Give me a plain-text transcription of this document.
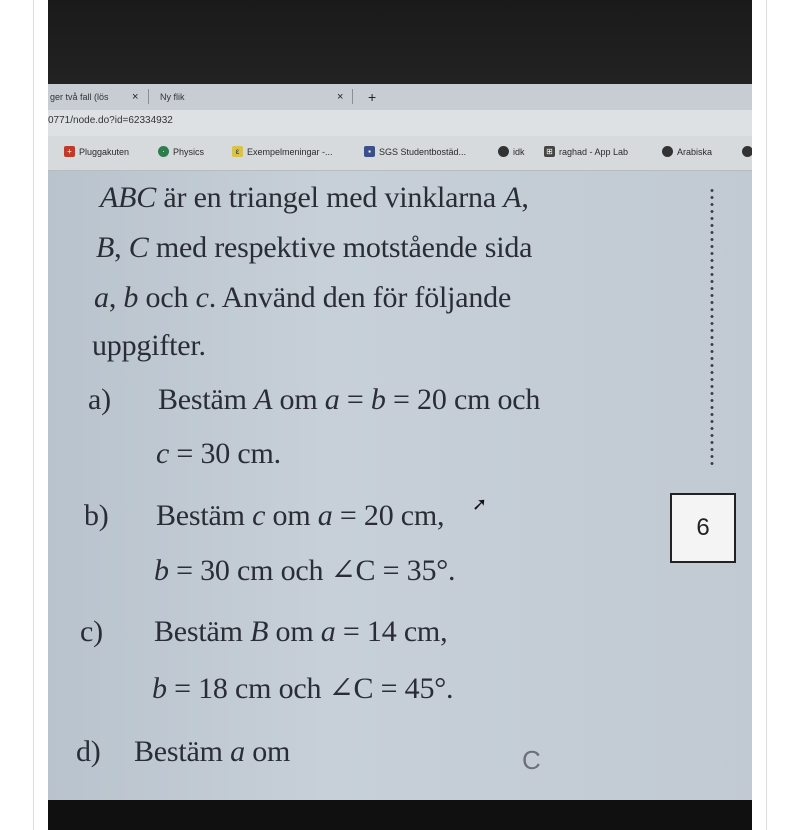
ger två fall (lös	× Ny flik	× +
0771/node.do?id=62334932
+ Pluggakuten	· Physics	ε Exempelmeningar -...	▪ SGS Studentbostäd...	idk	⊞ raghad - App Lab	Arabiska
ABC är en triangel med vinklarna A,
B, C med respektive motstående sida
a, b och c. Använd den för följande
uppgifter.
a) Bestäm A om a = b = 20 cm och
c = 30 cm.
b) Bestäm c om a = 20 cm,
b = 30 cm och ∠C = 35°.
c) Bestäm B om a = 14 cm,
b = 18 cm och ∠C = 45°.
d) Bestäm a om
6
➚
C
